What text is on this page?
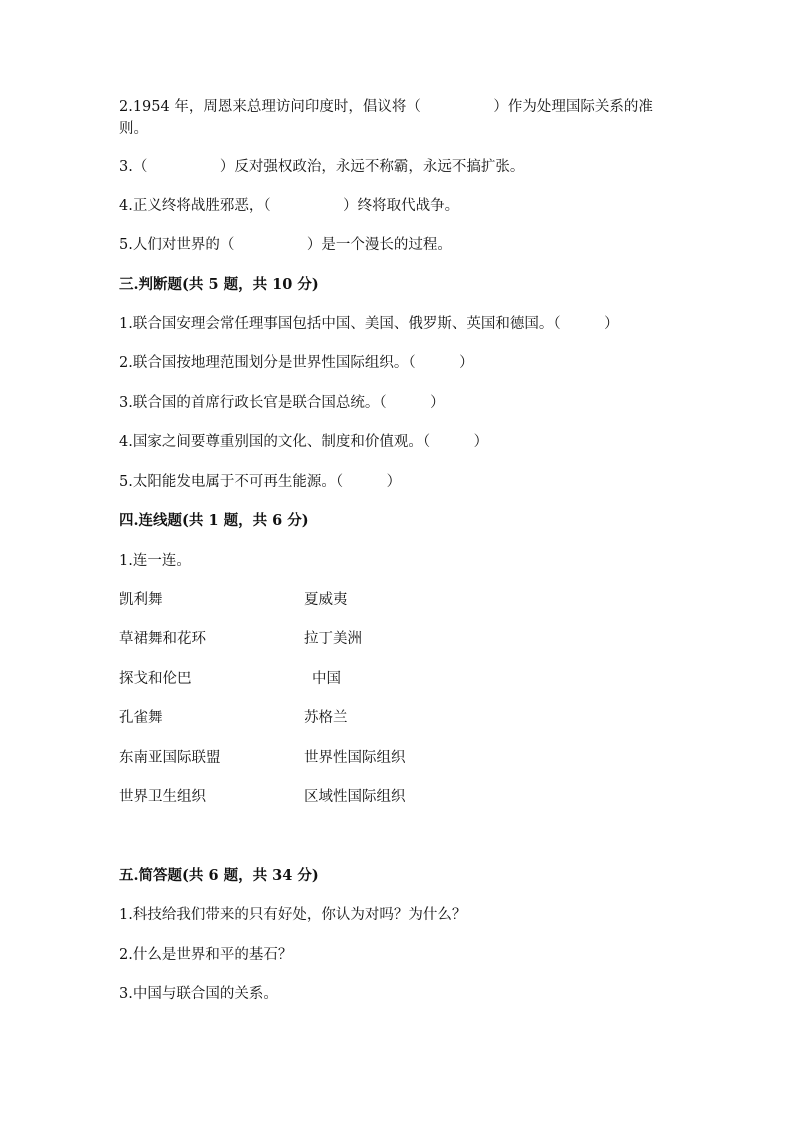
2.1954 年，周恩来总理访问印度时，倡议将（　　　　　）作为处理国际关系的准则。
3.（　　　　　）反对强权政治，永远不称霸，永远不搞扩张。
4.正义终将战胜邪恶，（　　　　　）终将取代战争。
5.人们对世界的（　　　　　）是一个漫长的过程。
三.判断题(共 5 题，共 10 分)
1.联合国安理会常任理事国包括中国、美国、俄罗斯、英国和德国。（　　　）
2.联合国按地理范围划分是世界性国际组织。（　　　）
3.联合国的首席行政长官是联合国总统。（　　　）
4.国家之间要尊重别国的文化、制度和价值观。（　　　）
5.太阳能发电属于不可再生能源。（　　　）
四.连线题(共 1 题，共 6 分)
1.连一连。
凯利舞	夏威夷
草裙舞和花环	拉丁美洲
探戈和伦巴	中国
孔雀舞	苏格兰
东南亚国际联盟	世界性国际组织
世界卫生组织	区域性国际组织
五.简答题(共 6 题，共 34 分)
1.科技给我们带来的只有好处，你认为对吗？为什么？
2.什么是世界和平的基石？
3.中国与联合国的关系。
